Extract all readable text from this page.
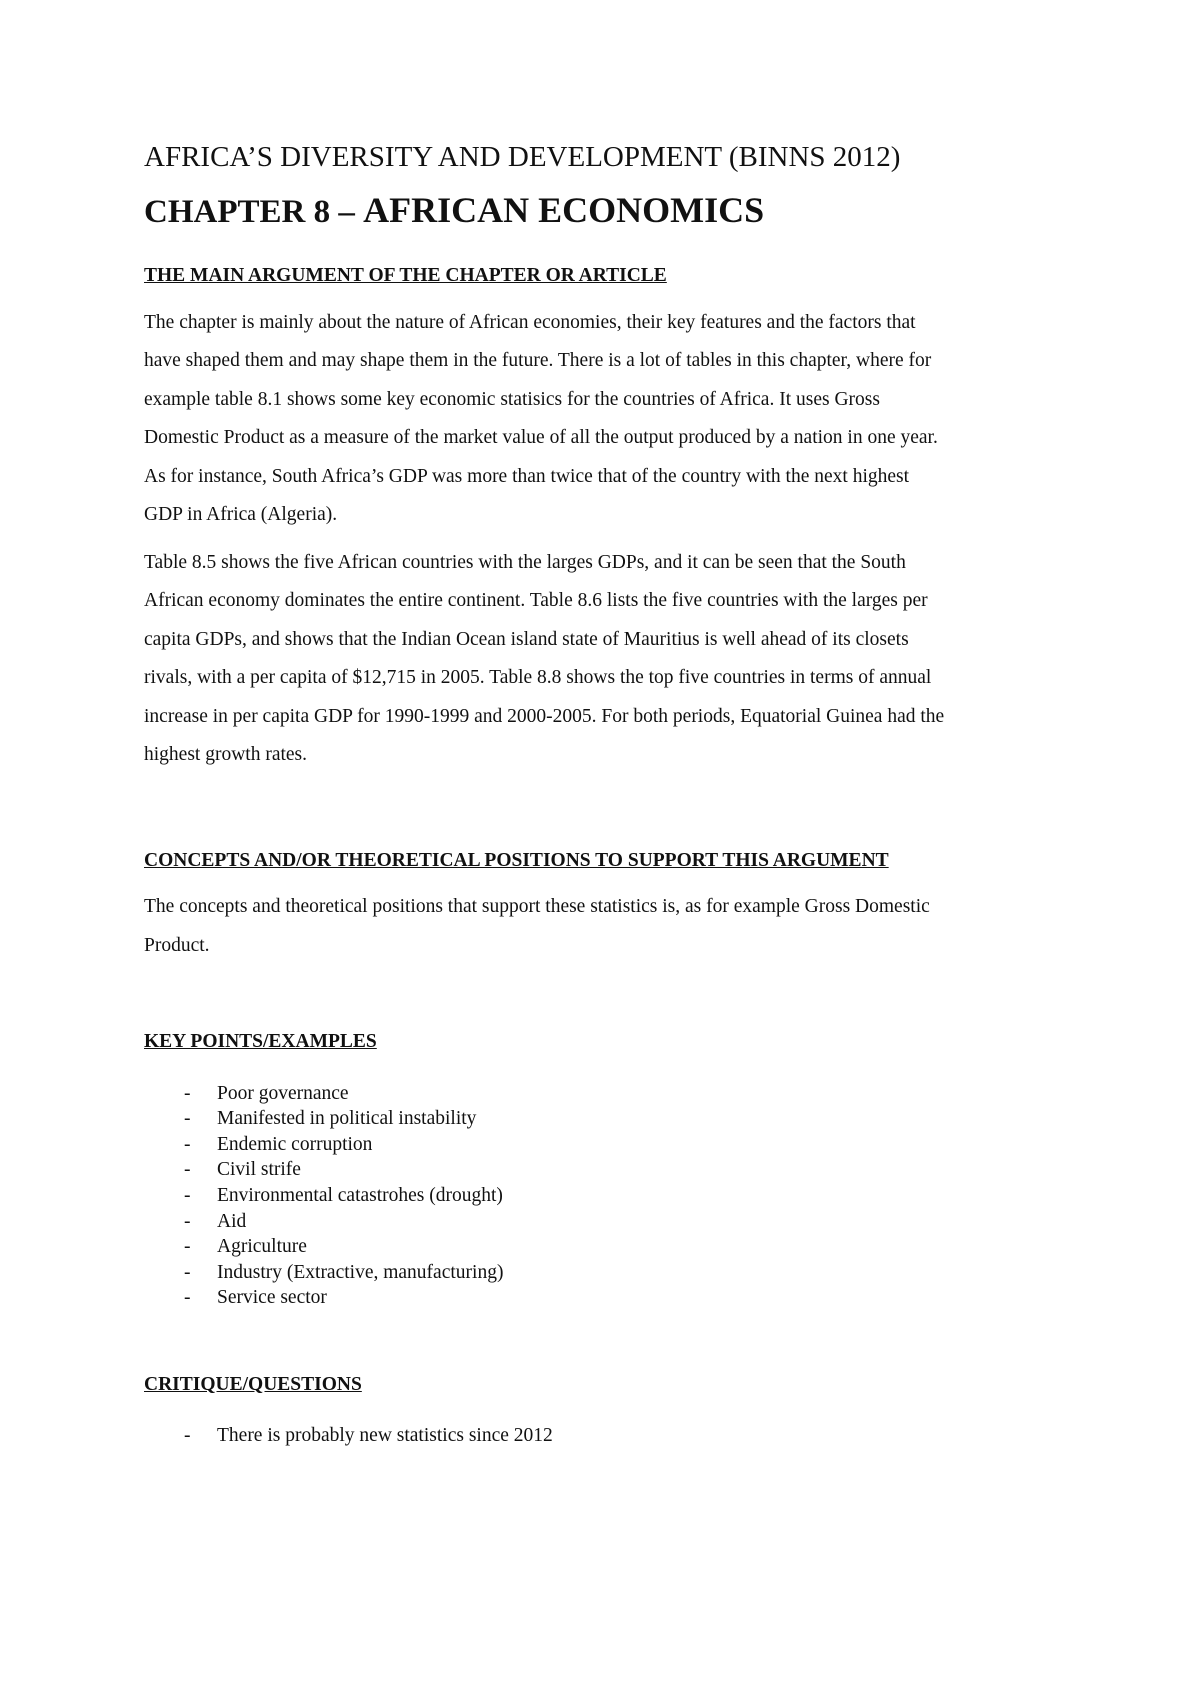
AFRICA’S DIVERSITY AND DEVELOPMENT (BINNS 2012)
CHAPTER 8 – AFRICAN ECONOMICS
THE MAIN ARGUMENT OF THE CHAPTER OR ARTICLE

The chapter is mainly about the nature of African economies, their key features and the factors that
have shaped them and may shape them in the future. There is a lot of tables in this chapter, where for
example table 8.1 shows some key economic statisics for the countries of Africa. It uses Gross
Domestic Product as a measure of the market value of all the output produced by a nation in one year.
As for instance, South Africa’s GDP was more than twice that of the country with the next highest
GDP in Africa (Algeria).

Table 8.5 shows the five African countries with the larges GDPs, and it can be seen that the South
African economy dominates the entire continent. Table 8.6 lists the five countries with the larges per
capita GDPs, and shows that the Indian Ocean island state of Mauritius is well ahead of its closets
rivals, with a per capita of $12,715 in 2005. Table 8.8 shows the top five countries in terms of annual
increase in per capita GDP for 1990-1999 and 2000-2005. For both periods, Equatorial Guinea had the
highest growth rates.

CONCEPTS AND/OR THEORETICAL POSITIONS TO SUPPORT THIS ARGUMENT

The concepts and theoretical positions that support these statistics is, as for example Gross Domestic
Product.

KEY POINTS/EXAMPLES
- Poor governance
- Manifested in political instability
- Endemic corruption
- Civil strife
- Environmental catastrohes (drought)
- Aid
- Agriculture
- Industry (Extractive, manufacturing)
- Service sector
CRITIQUE/QUESTIONS
- There is probably new statistics since 2012
